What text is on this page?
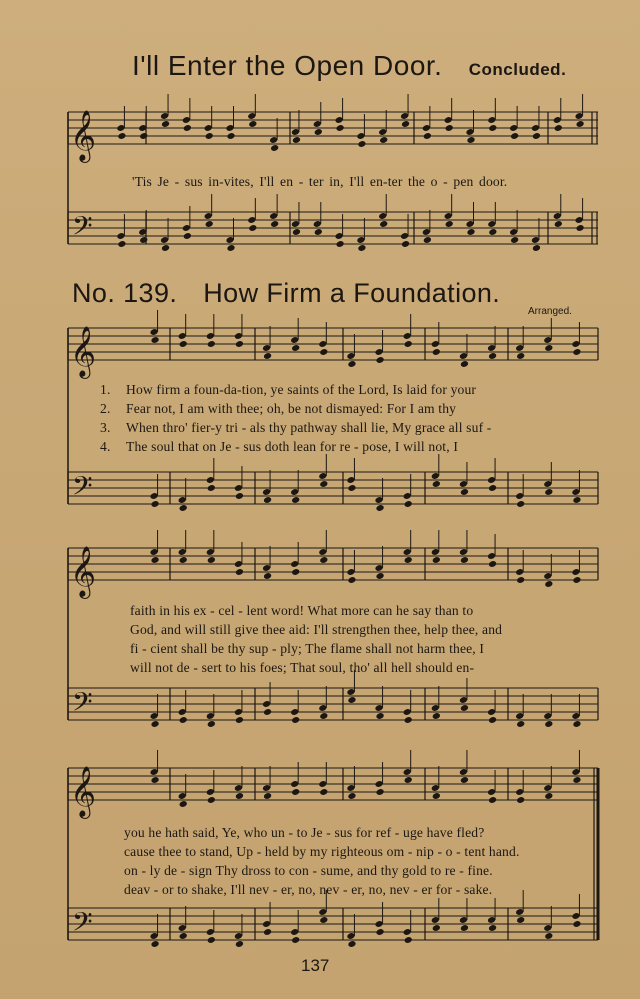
I'll Enter the Open Door. Concluded.
𝄞
𝄢
𝄞
𝄢
𝄞
𝄢
𝄞
𝄢
'Tis Je - sus in-vites, I'll en - ter in, I'll en-ter the o - pen door.
No. 139. How Firm a Foundation.
Arranged.
1. How firm a foun-da-tion, ye saints of the Lord, Is laid for your
2. Fear not, I am with thee; oh, be not dismayed: For I am thy
3. When thro' fier-y tri - als thy pathway shall lie, My grace all suf -
4. The soul that on Je - sus doth lean for re - pose, I will not, I
faith in his ex - cel - lent word! What more can he say than to
God, and will still give thee aid: I'll strengthen thee, help thee, and
fi - cient shall be thy sup - ply; The flame shall not harm thee, I
will not de - sert to his foes; That soul, tho' all hell should en-
you he hath said, Ye, who un - to Je - sus for ref - uge have fled?
cause thee to stand, Up - held by my righteous om - nip - o - tent hand.
on - ly de - sign Thy dross to con - sume, and thy gold to re - fine.
deav - or to shake, I'll nev - er, no, nev - er, no, nev - er for - sake.
137
